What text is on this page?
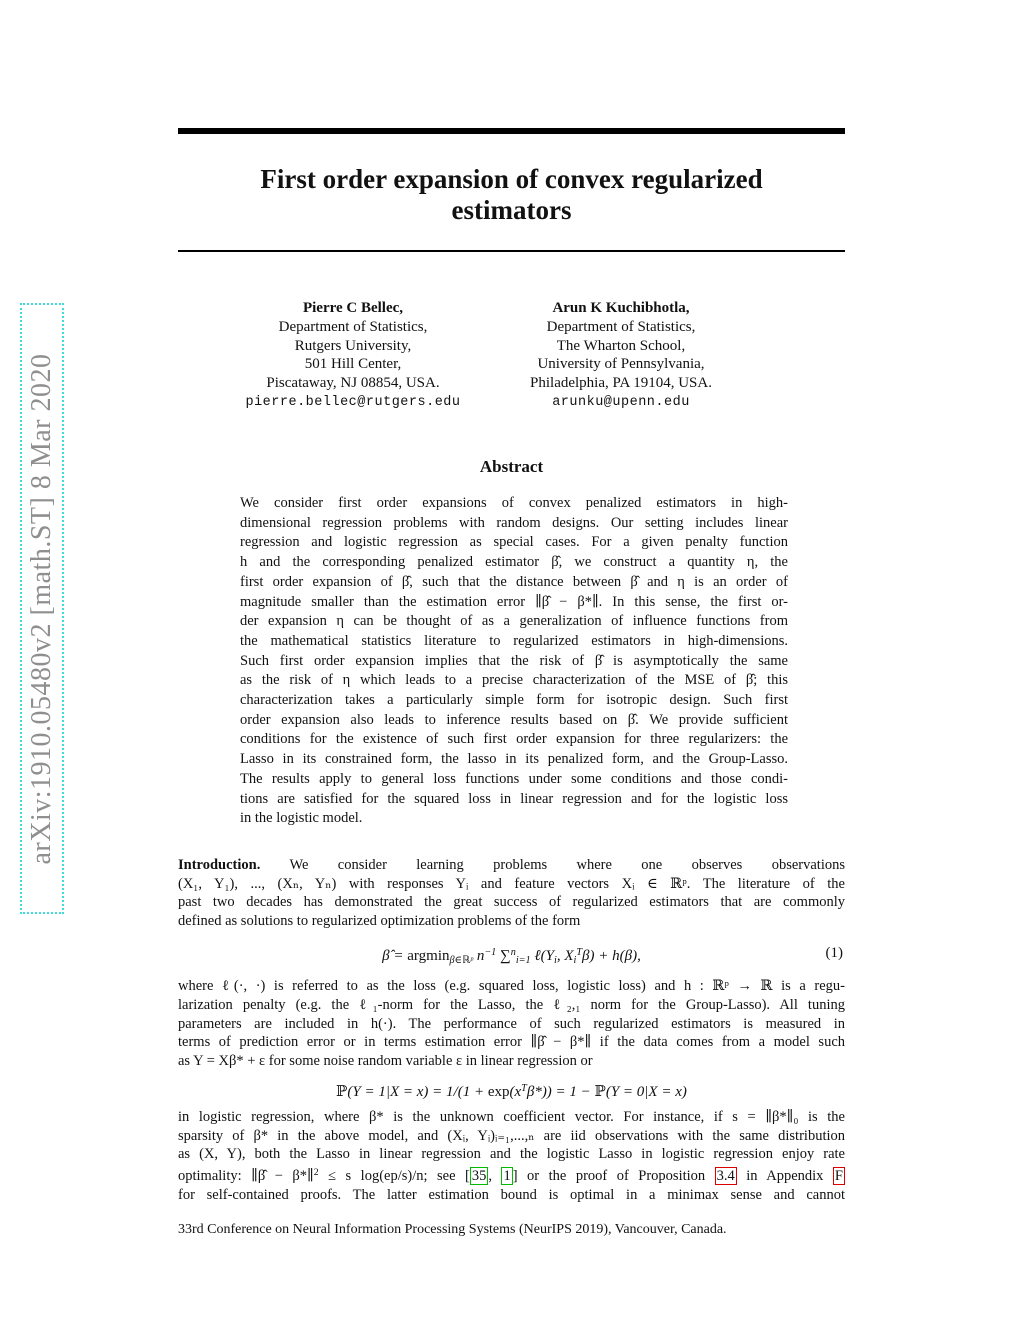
arXiv:1910.05480v2 [math.ST] 8 Mar 2020
First order expansion of convex regularized
estimators
Pierre C Bellec,
Department of Statistics,
Rutgers University,
501 Hill Center,
Piscataway, NJ 08854, USA.
pierre.bellec@rutgers.edu
Arun K Kuchibhotla,
Department of Statistics,
The Wharton School,
University of Pennsylvania,
Philadelphia, PA 19104, USA.
arunku@upenn.edu
Abstract
We consider first order expansions of convex penalized estimators in high-
dimensional regression problems with random designs. Our setting includes linear
regression and logistic regression as special cases. For a given penalty function
h and the corresponding penalized estimator β̂, we construct a quantity η, the
first order expansion of β̂, such that the distance between β̂ and η is an order of
magnitude smaller than the estimation error ∥β̂ − β*∥. In this sense, the first or-
der expansion η can be thought of as a generalization of influence functions from
the mathematical statistics literature to regularized estimators in high-dimensions.
Such first order expansion implies that the risk of β̂ is asymptotically the same
as the risk of η which leads to a precise characterization of the MSE of β̂; this
characterization takes a particularly simple form for isotropic design. Such first
order expansion also leads to inference results based on β̂. We provide sufficient
conditions for the existence of such first order expansion for three regularizers: the
Lasso in its constrained form, the lasso in its penalized form, and the Group-Lasso.
The results apply to general loss functions under some conditions and those condi-
tions are satisfied for the squared loss in linear regression and for the logistic loss
in the logistic model.
Introduction. We consider learning problems where one observes observations
(X₁, Y₁), ..., (Xₙ, Yₙ) with responses Yᵢ and feature vectors Xᵢ ∈ ℝᵖ. The literature of the
past two decades has demonstrated the great success of regularized estimators that are commonly
defined as solutions to regularized optimization problems of the form
β̂ = argmin$_{\beta\in ℝᵖ}$ $n^{-1}$ ∑$^n_{i=1}$ $\ell(Y_i$, $X_i^T\beta) + h(\beta)$,	(1)
where ℓ(·, ·) is referred to as the loss (e.g. squared loss, logistic loss) and h : ℝᵖ → ℝ is a regu-
larization penalty (e.g. the ℓ₁-norm for the Lasso, the ℓ₂,₁ norm for the Group-Lasso). All tuning
parameters are included in h(·). The performance of such regularized estimators is measured in
terms of prediction error or in terms estimation error ∥β̂ − β*∥ if the data comes from a model such
as Y = Xβ* + ε for some noise random variable ε in linear regression or
ℙ(Y = $1|X = x) = 1/(1 + \exp(x^T\beta*)) = 1$ − ℙ(Y = 0|X = x)
in logistic regression, where β* is the unknown coefficient vector. For instance, if s = ∥β*∥₀ is the
sparsity of β* in the above model, and (Xᵢ, Yᵢ)ᵢ₌₁,...,ₙ are iid observations with the same distribution
as (X, Y), both the Lasso in linear regression and the logistic Lasso in logistic regression enjoy rate
optimality: ∥β̂ − β*∥$^2$ ≤ s log(ep/s)/n; see [ 35 , 1 ] or the proof of Proposition 3.4 in Appendix F
for self-contained proofs. The latter estimation bound is optimal in a minimax sense and cannot
33rd Conference on Neural Information Processing Systems (NeurIPS 2019), Vancouver, Canada.
